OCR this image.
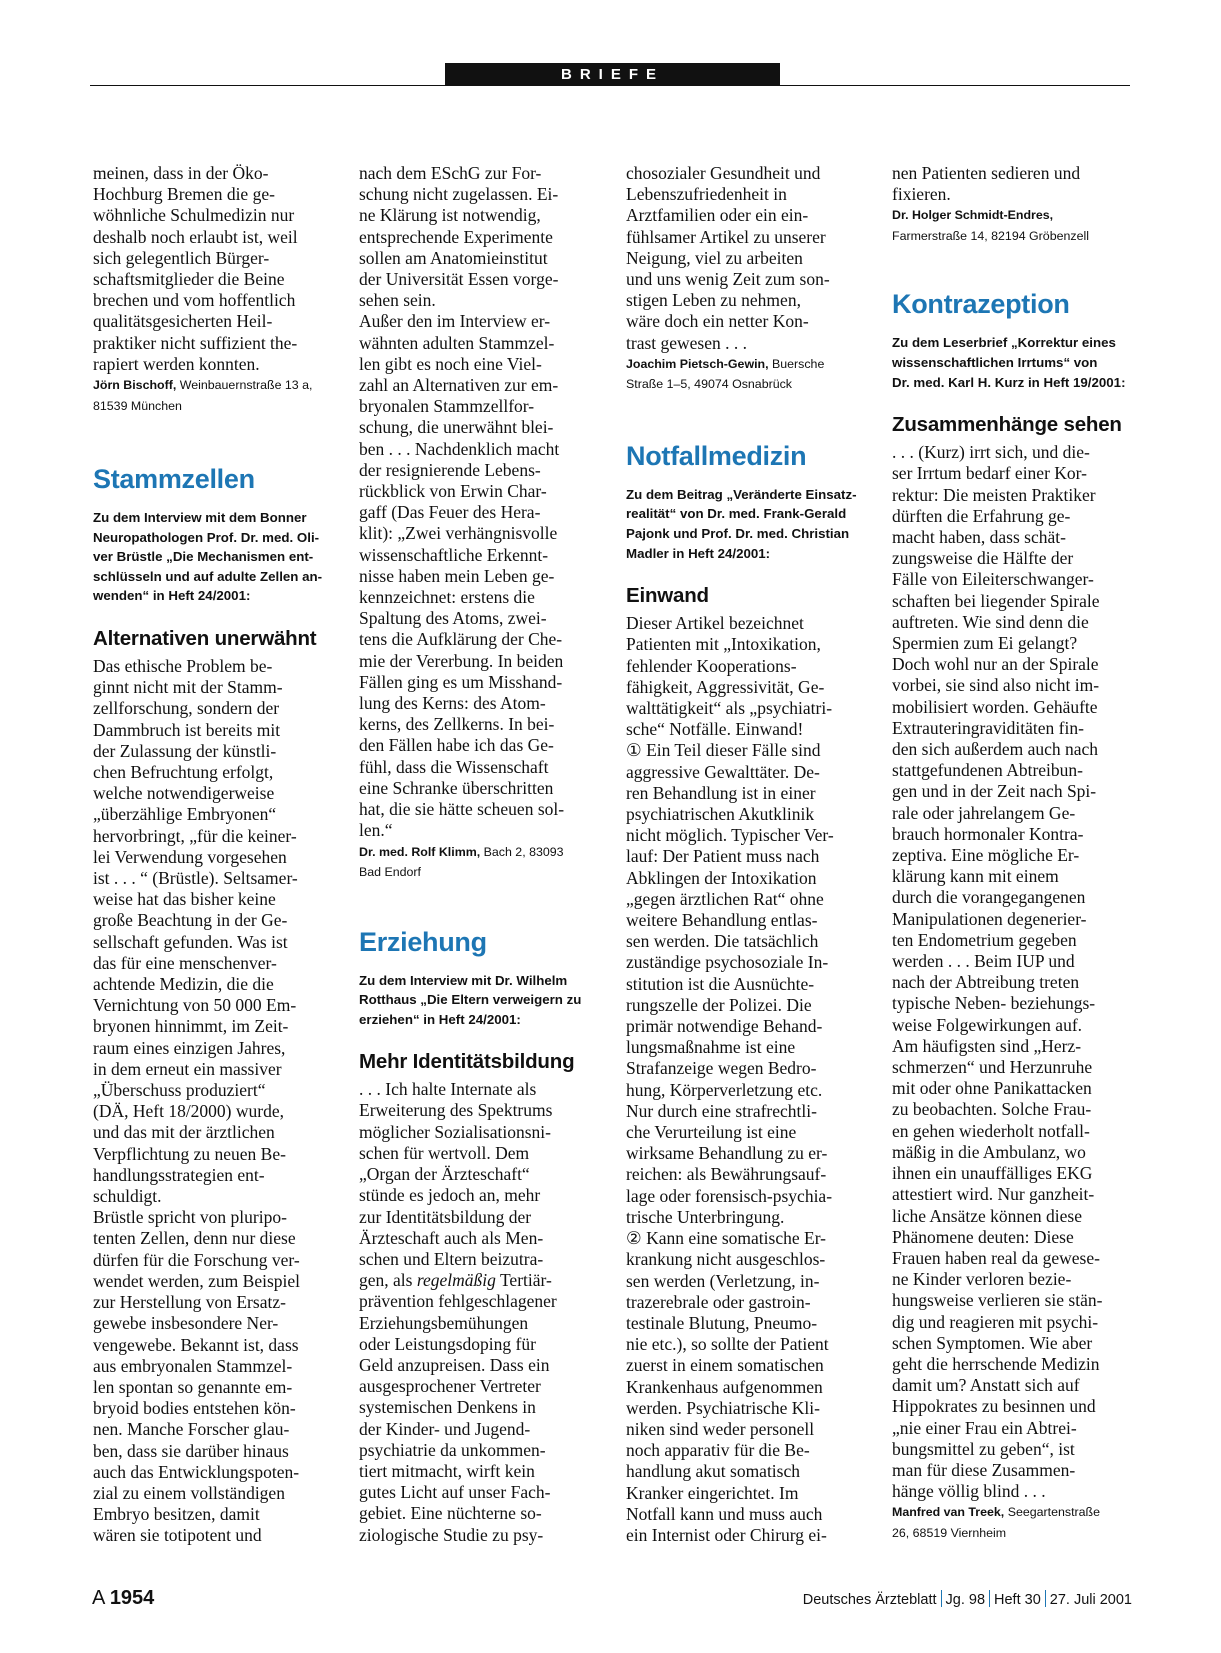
BRIEFE

meinen, dass in der Öko-
Hochburg Bremen die ge-
wöhnliche Schulmedizin nur
deshalb noch erlaubt ist, weil
sich gelegentlich Bürger-
schaftsmitglieder die Beine
brechen und vom hoffentlich
qualitätsgesicherten Heil-
praktiker nicht suffizient the-
rapiert werden konnten.

Jörn Bischoff, Weinbauernstraße 13 a,
81539 München

Stammzellen

Zu dem Interview mit dem Bonner
Neuropathologen Prof. Dr. med. Oli-
ver Brüstle „Die Mechanismen ent-
schlüsseln und auf adulte Zellen an-
wenden“ in Heft 24/2001:

Alternativen unerwähnt

Das ethische Problem be-
ginnt nicht mit der Stamm-
zellforschung, sondern der
Dammbruch ist bereits mit
der Zulassung der künstli-
chen Befruchtung erfolgt,
welche notwendigerweise
„überzählige Embryonen“
hervorbringt, „für die keiner-
lei Verwendung vorgesehen
ist . . . “ (Brüstle). Seltsamer-
weise hat das bisher keine
große Beachtung in der Ge-
sellschaft gefunden. Was ist
das für eine menschenver-
achtende Medizin, die die
Vernichtung von 50 000 Em-
bryonen hinnimmt, im Zeit-
raum eines einzigen Jahres,
in dem erneut ein massiver
„Überschuss produziert“
(DÄ, Heft 18/2000) wurde,
und das mit der ärztlichen
Verpflichtung zu neuen Be-
handlungsstrategien ent-
schuldigt.
Brüstle spricht von pluripo-
tenten Zellen, denn nur diese
dürfen für die Forschung ver-
wendet werden, zum Beispiel
zur Herstellung von Ersatz-
gewebe insbesondere Ner-
vengewebe. Bekannt ist, dass
aus embryonalen Stammzel-
len spontan so genannte em-
bryoid bodies entstehen kön-
nen. Manche Forscher glau-
ben, dass sie darüber hinaus
auch das Entwicklungspoten-
zial zu einem vollständigen
Embryo besitzen, damit
wären sie totipotent und

nach dem ESchG zur For-
schung nicht zugelassen. Ei-
ne Klärung ist notwendig,
entsprechende Experimente
sollen am Anatomieinstitut
der Universität Essen vorge-
sehen sein.
Außer den im Interview er-
wähnten adulten Stammzel-
len gibt es noch eine Viel-
zahl an Alternativen zur em-
bryonalen Stammzellfor-
schung, die unerwähnt blei-
ben . . . Nachdenklich macht
der resignierende Lebens-
rückblick von Erwin Char-
gaff (Das Feuer des Hera-
klit): „Zwei verhängnisvolle
wissenschaftliche Erkennt-
nisse haben mein Leben ge-
kennzeichnet: erstens die
Spaltung des Atoms, zwei-
tens die Aufklärung der Che-
mie der Vererbung. In beiden
Fällen ging es um Misshand-
lung des Kerns: des Atom-
kerns, des Zellkerns. In bei-
den Fällen habe ich das Ge-
fühl, dass die Wissenschaft
eine Schranke überschritten
hat, die sie hätte scheuen sol-
len.“

Dr. med. Rolf Klimm, Bach 2, 83093
Bad Endorf

Erziehung

Zu dem Interview mit Dr. Wilhelm
Rotthaus „Die Eltern verweigern zu
erziehen“ in Heft 24/2001:

Mehr Identitätsbildung

. . . Ich halte Internate als
Erweiterung des Spektrums
möglicher Sozialisationsni-
schen für wertvoll. Dem
„Organ der Ärzteschaft“
stünde es jedoch an, mehr
zur Identitätsbildung der
Ärzteschaft auch als Men-
schen und Eltern beizutra-
gen, als regelmäßig Tertiär-
prävention fehlgeschlagener
Erziehungsbemühungen
oder Leistungsdoping für
Geld anzupreisen. Dass ein
ausgesprochener Vertreter
systemischen Denkens in
der Kinder- und Jugend-
psychiatrie da unkommen-
tiert mitmacht, wirft kein
gutes Licht auf unser Fach-
gebiet. Eine nüchterne so-
ziologische Studie zu psy-

chosozialer Gesundheit und
Lebenszufriedenheit in
Arztfamilien oder ein ein-
fühlsamer Artikel zu unserer
Neigung, viel zu arbeiten
und uns wenig Zeit zum son-
stigen Leben zu nehmen,
wäre doch ein netter Kon-
trast gewesen . . .

Joachim Pietsch-Gewin, Buersche
Straße 1–5, 49074 Osnabrück

Notfallmedizin

Zu dem Beitrag „Veränderte Einsatz-
realität“ von Dr. med. Frank-Gerald
Pajonk und Prof. Dr. med. Christian
Madler in Heft 24/2001:

Einwand

Dieser Artikel bezeichnet
Patienten mit „Intoxikation,
fehlender Kooperations-
fähigkeit, Aggressivität, Ge-
walttätigkeit“ als „psychiatri-
sche“ Notfälle. Einwand!
① Ein Teil dieser Fälle sind
aggressive Gewalttäter. De-
ren Behandlung ist in einer
psychiatrischen Akutklinik
nicht möglich. Typischer Ver-
lauf: Der Patient muss nach
Abklingen der Intoxikation
„gegen ärztlichen Rat“ ohne
weitere Behandlung entlas-
sen werden. Die tatsächlich
zuständige psychosoziale In-
stitution ist die Ausnüchte-
rungszelle der Polizei. Die
primär notwendige Behand-
lungsmaßnahme ist eine
Strafanzeige wegen Bedro-
hung, Körperverletzung etc.
Nur durch eine strafrechtli-
che Verurteilung ist eine
wirksame Behandlung zu er-
reichen: als Bewährungsauf-
lage oder forensisch-psychia-
trische Unterbringung.
② Kann eine somatische Er-
krankung nicht ausgeschlos-
sen werden (Verletzung, in-
trazerebrale oder gastroin-
testinale Blutung, Pneumo-
nie etc.), so sollte der Patient
zuerst in einem somatischen
Krankenhaus aufgenommen
werden. Psychiatrische Kli-
niken sind weder personell
noch apparativ für die Be-
handlung akut somatisch
Kranker eingerichtet. Im
Notfall kann und muss auch
ein Internist oder Chirurg ei-

nen Patienten sedieren und
fixieren.

Dr. Holger Schmidt-Endres,
Farmerstraße 14, 82194 Gröbenzell

Kontrazeption

Zu dem Leserbrief „Korrektur eines
wissenschaftlichen Irrtums“ von
Dr. med. Karl H. Kurz in Heft 19/2001:

Zusammenhänge sehen

. . . (Kurz) irrt sich, und die-
ser Irrtum bedarf einer Kor-
rektur: Die meisten Praktiker
dürften die Erfahrung ge-
macht haben, dass schät-
zungsweise die Hälfte der
Fälle von Eileiterschwanger-
schaften bei liegender Spirale
auftreten. Wie sind denn die
Spermien zum Ei gelangt?
Doch wohl nur an der Spirale
vorbei, sie sind also nicht im-
mobilisiert worden. Gehäufte
Extrauteringraviditäten fin-
den sich außerdem auch nach
stattgefundenen Abtreibun-
gen und in der Zeit nach Spi-
rale oder jahrelangem Ge-
brauch hormonaler Kontra-
zeptiva. Eine mögliche Er-
klärung kann mit einem
durch die vorangegangenen
Manipulationen degenerier-
ten Endometrium gegeben
werden . . . Beim IUP und
nach der Abtreibung treten
typische Neben- beziehungs-
weise Folgewirkungen auf.
Am häufigsten sind „Herz-
schmerzen“ und Herzunruhe
mit oder ohne Panikattacken
zu beobachten. Solche Frau-
en gehen wiederholt notfall-
mäßig in die Ambulanz, wo
ihnen ein unauffälliges EKG
attestiert wird. Nur ganzheit-
liche Ansätze können diese
Phänomene deuten: Diese
Frauen haben real da gewese-
ne Kinder verloren bezie-
hungsweise verlieren sie stän-
dig und reagieren mit psychi-
schen Symptomen. Wie aber
geht die herrschende Medizin
damit um? Anstatt sich auf
Hippokrates zu besinnen und
„nie einer Frau ein Abtrei-
bungsmittel zu geben“, ist
man für diese Zusammen-
hänge völlig blind . . .

Manfred van Treek, Seegartenstraße
26, 68519 Viernheim

A 1954	Deutsches Ärzteblatt Jg. 98 Heft 30 27. Juli 2001
